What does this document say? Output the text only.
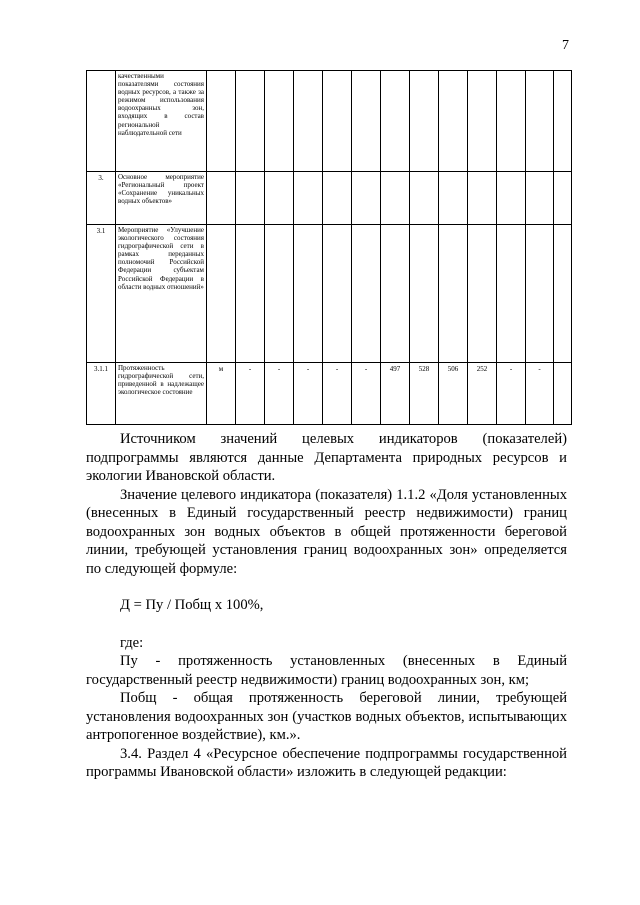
7
	качественными показателями состояния водных ресурсов, а также за режимом использования водоохранных зон, входящих в состав региональной наблюдательной сети													
3.	Основное мероприятие «Региональный проект «Сохранение уникальных водных объектов»													
3.1	Мероприятие «Улучшение экологического состояния гидрографической сети в рамках переданных полномочий Российской Федерации субъектам Российской Федерации в области водных отношений»													
3.1.1	Протяженность гидрографической сети, приведенной в надлежащее экологическое состояние	м	-	-	-	-	-	497	528	506	252	-	-	

Источником значений целевых индикаторов (показателей) подпрограммы являются данные Департамента природных ресурсов и экологии Ивановской области.

Значение целевого индикатора (показателя) 1.1.2 «Доля установленных (внесенных в Единый государственный реестр недвижимости) границ водоохранных зон водных объектов в общей протяженности береговой линии, требующей установления границ водоохранных зон» определяется по следующей формуле:

Д = Пу / Побщ х 100%,

где:

Пу - протяженность установленных (внесенных в Единый государственный реестр недвижимости) границ водоохранных зон, км;

Побщ - общая протяженность береговой линии, требующей установления водоохранных зон (участков водных объектов, испытывающих антропогенное воздействие), км.».

3.4. Раздел 4 «Ресурсное обеспечение подпрограммы государственной программы Ивановской области» изложить в следующей редакции:
